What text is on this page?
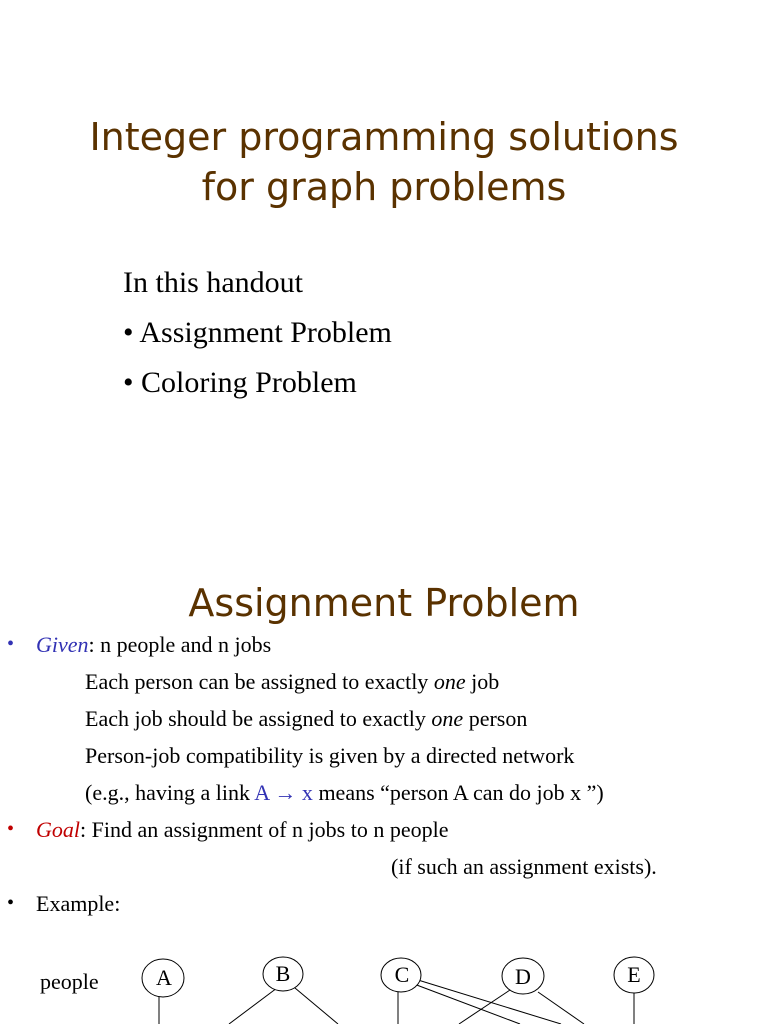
Integer programming solutions
for graph problems
In this handout
• Assignment Problem
• Coloring Problem
Assignment Problem
• Given: n people and n jobs
Each person can be assigned to exactly one job
Each job should be assigned to exactly one person
Person-job compatibility is given by a directed network
(e.g., having a link A → x means “person A can do job x ”)
• Goal: Find an assignment of n jobs to n people
(if such an assignment exists).
• Example:
people	A	B	C	D	E
